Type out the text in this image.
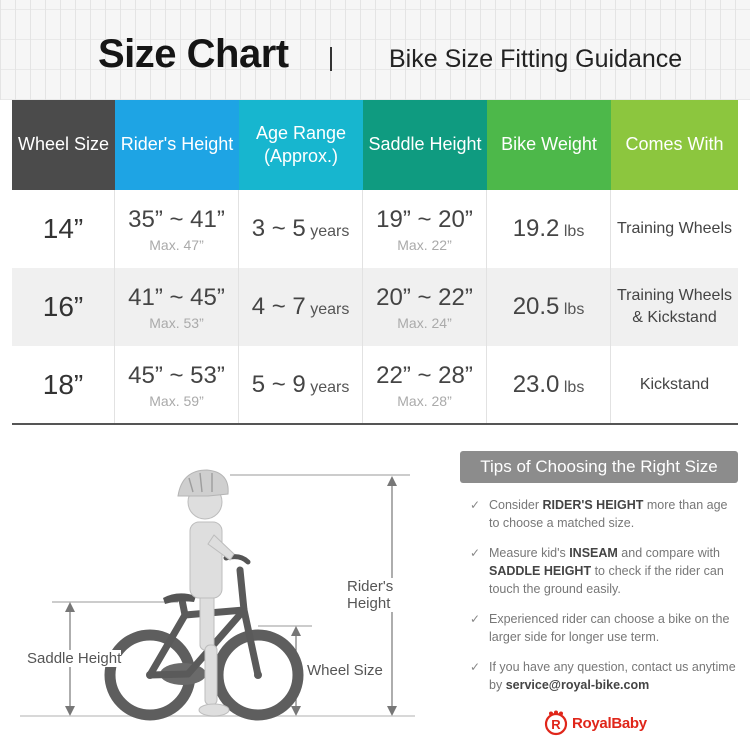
Size Chart	Bike Size Fitting Guidance
Wheel Size Rider's Height
Age Range
(Approx.)
Saddle Height Bike Weight Comes With
14” 35” ~ 41”
Max. 47”
3 ~ 5 years 19” ~ 20”
Max. 22”
19.2 lbs Training Wheels
16” 41” ~ 45”
Max. 53”
4 ~ 7 years 20” ~ 22”
Max. 24”
20.5 lbs
Training Wheels
& Kickstand
18” 45” ~ 53”
Max. 59”
5 ~ 9 years 22” ~ 28”
Max. 28”
23.0 lbs	Kickstand
Rider's Height
Saddle Height
Wheel Size
Tips of Choosing the Right Size
✓ Consider RIDER'S HEIGHT more than age to choose a matched size.
✓ Measure kid's INSEAM and compare with SADDLE HEIGHT to check if the rider can touch the ground easily.
✓ Experienced rider can choose a bike on the larger side for longer use term.
✓ If you have any question, contact us anytime by service@royal-bike.com
R RoyalBaby
